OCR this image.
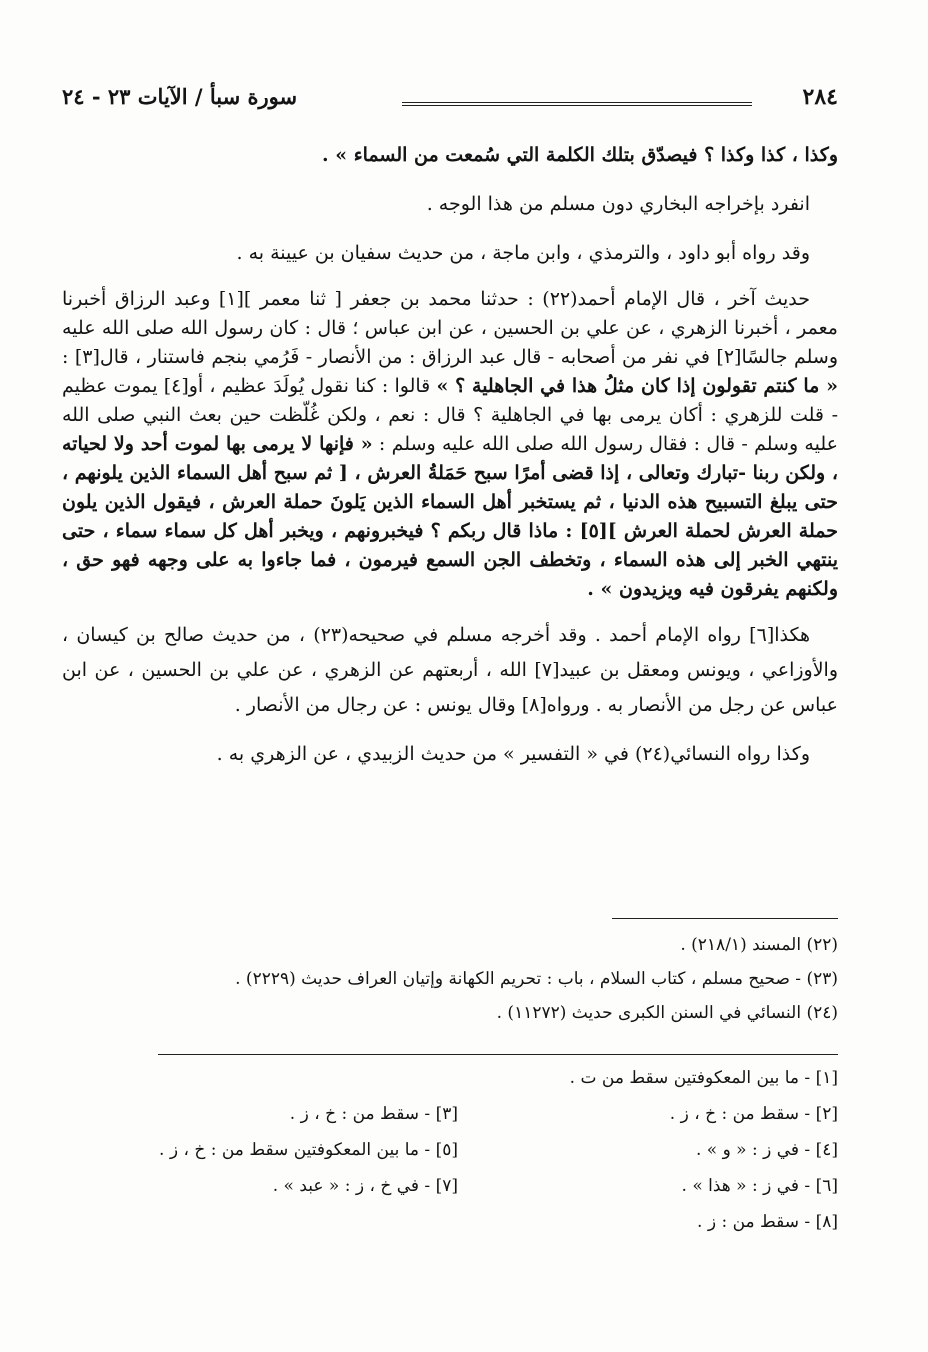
٢٨٤
سورة سبأ / الآيات ٢٣ - ٢٤

وكذا ، كذا وكذا ؟ فيصدّق بتلك الكلمة التي سُمعت من السماء » .

انفرد بإخراجه البخاري دون مسلم من هذا الوجه .

وقد رواه أبو داود ، والترمذي ، وابن ماجة ، من حديث سفيان بن عيينة به .

حديث آخر ، قال الإمام أحمد(٢٢) : حدثنا محمد بن جعفر [ ثنا معمر ][١] وعبد الرزاق أخبرنا معمر ، أخبرنا الزهري ، عن علي بن الحسين ، عن ابن عباس ؛ قال : كان رسول الله صلى الله عليه وسلم جالسًا[٢] في نفر من أصحابه - قال عبد الرزاق : من الأنصار - فَرُمي بنجم فاستنار ، قال[٣] : « ما كنتم تقولون إذا كان مثلُ هذا في الجاهلية ؟ » قالوا : كنا نقول يُولَدَ عظيم ، أو[٤] يموت عظيم - قلت للزهري : أكان يرمى بها في الجاهلية ؟ قال : نعم ، ولكن غُلّظت حين بعث النبي صلى الله عليه وسلم - قال : فقال رسول الله صلى الله عليه وسلم : « فإنها لا يرمى بها لموت أحد ولا لحياته ، ولكن ربنا -تبارك وتعالى ، إذا قضى أمرًا سبح حَمَلةُ العرش ، [ ثم سبح أهل السماء الذين يلونهم ، حتى يبلغ التسبيح هذه الدنيا ، ثم يستخبر أهل السماء الذين يَلونَ حملة العرش ، فيقول الذين يلون حملة العرش لحملة العرش ][٥] : ماذا قال ربكم ؟ فيخبرونهم ، ويخبر أهل كل سماء سماء ، حتى ينتهي الخبر إلى هذه السماء ، وتخطف الجن السمع فيرمون ، فما جاءوا به على وجهه فهو حق ، ولكنهم يفرقون فيه ويزيدون » .

هكذا[٦] رواه الإمام أحمد . وقد أخرجه مسلم في صحيحه(٢٣) ، من حديث صالح بن كيسان ، والأوزاعي ، ويونس ومعقل بن عبيد[٧] الله ، أربعتهم عن الزهري ، عن علي بن الحسين ، عن ابن عباس عن رجل من الأنصار به . ورواه[٨] وقال يونس : عن رجال من الأنصار .

وكذا رواه النسائي(٢٤) في « التفسير » من حديث الزبيدي ، عن الزهري به .

(٢٢) المسند (٢١٨/١) .
(٢٣) - صحيح مسلم ، كتاب السلام ، باب : تحريم الكهانة وإتيان العراف حديث (٢٢٢٩) .
(٢٤) النسائي في السنن الكبرى حديث (١١٢٧٢) .
[١] - ما بين المعكوفتين سقط من ت .
[٢] - سقط من : خ ، ز .
[٣] - سقط من : خ ، ز .
[٤] - في ز : « و » .
[٥] - ما بين المعكوفتين سقط من : خ ، ز .
[٦] - في ز : « هذا » .
[٧] - في خ ، ز : « عبد » .
[٨] - سقط من : ز .
